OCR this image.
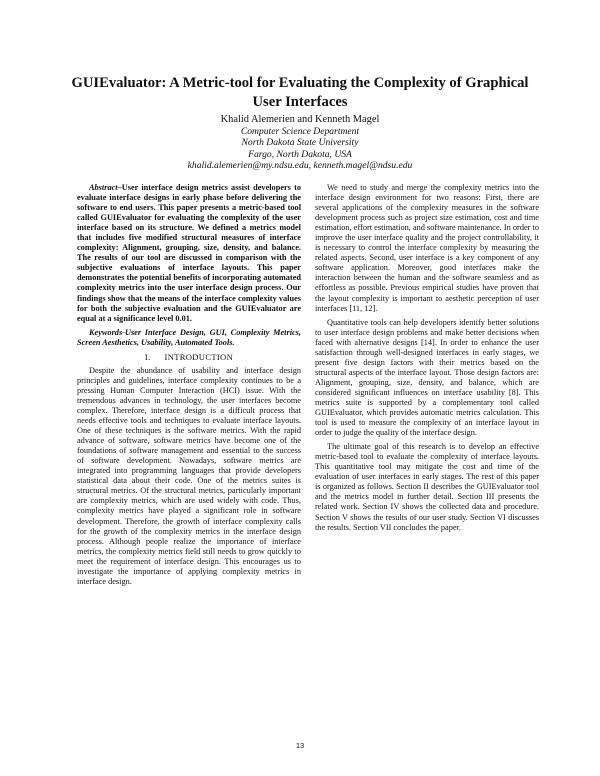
GUIEvaluator: A Metric-tool for Evaluating the Complexity of Graphical User Interfaces
Khalid Alemerien and Kenneth Magel
Computer Science Department
North Dakota State University
Fargo, North Dakota, USA
khalid.alemerien@my.ndsu.edu, kenneth.magel@ndsu.edu

Abstract–User interface design metrics assist developers to evaluate interface designs in early phase before delivering the software to end users. This paper presents a metric-based tool called GUIEvaluator for evaluating the complexity of the user interface based on its structure. We defined a metrics model that includes five modified structural measures of interface complexity: Alignment, grouping, size, density, and balance. The results of our tool are discussed in comparison with the subjective evaluations of interface layouts. This paper demonstrates the potential benefits of incorporating automated complexity metrics into the user interface design process. Our findings show that the means of the interface complexity values for both the subjective evaluation and the GUIEvaluator are equal at a significance level 0.01.

Keywords-User Interface Design, GUI, Complexity Metrics, Screen Aesthetics, Usability, Automated Tools.

I. INTRODUCTION

Despite the abundance of usability and interface design principles and guidelines, interface complexity continues to be a pressing Human Computer Interaction (HCI) issue. With the tremendous advances in technology, the user interfaces become complex. Therefore, interface design is a difficult process that needs effective tools and techniques to evaluate interface layouts. One of these techniques is the software metrics. With the rapid advance of software, software metrics have become one of the foundations of software management and essential to the success of software development. Nowadays, software metrics are integrated into programming languages that provide developers statistical data about their code. One of the metrics suites is structural metrics. Of the structural metrics, particularly important are complexity metrics, which are used widely with code. Thus, complexity metrics have played a significant role in software development. Therefore, the growth of interface complexity calls for the growth of the complexity metrics in the interface design process. Although people realize the importance of interface metrics, the complexity metrics field still needs to grow quickly to meet the requirement of interface design. This encourages us to investigate the importance of applying complexity metrics in interface design.

We need to study and merge the complexity metrics into the interface design environment for two reasons: First, there are several applications of the complexity measures in the software development process such as project size estimation, cost and time estimation, effort estimation, and software maintenance. In order to improve the user interface quality and the project controllability, it is necessary to control the interface complexity by measuring the related aspects. Second, user interface is a key component of any software application. Moreover, good interfaces make the interaction between the human and the software seamless and as effortless as possible. Previous empirical studies have proven that the layout complexity is important to aesthetic perception of user interfaces [11, 12].

Quantitative tools can help developers identify better solutions to user interface design problems and make better decisions when faced with alternative designs [14]. In order to enhance the user satisfaction through well-designed interfaces in early stages, we present five design factors with their metrics based on the structural aspects of the interface layout. Those design factors are: Alignment, grouping, size, density, and balance, which are considered significant influences on interface usability [8]. This metrics suite is supported by a complementary tool called GUIEvaluator, which provides automatic metrics calculation. This tool is used to measure the complexity of an interface layout in order to judge the quality of the interface design.

The ultimate goal of this research is to develop an effective metric-based tool to evaluate the complexity of interface layouts. This quantitative tool may mitigate the cost and time of the evaluation of user interfaces in early stages. The rest of this paper is organized as follows. Section II describes the GUIEvaluator tool and the metrics model in further detail. Section III presents the related work. Section IV shows the collected data and procedure. Section V shows the results of our user study. Section VI discusses the results. Section VII concludes the paper.

13
